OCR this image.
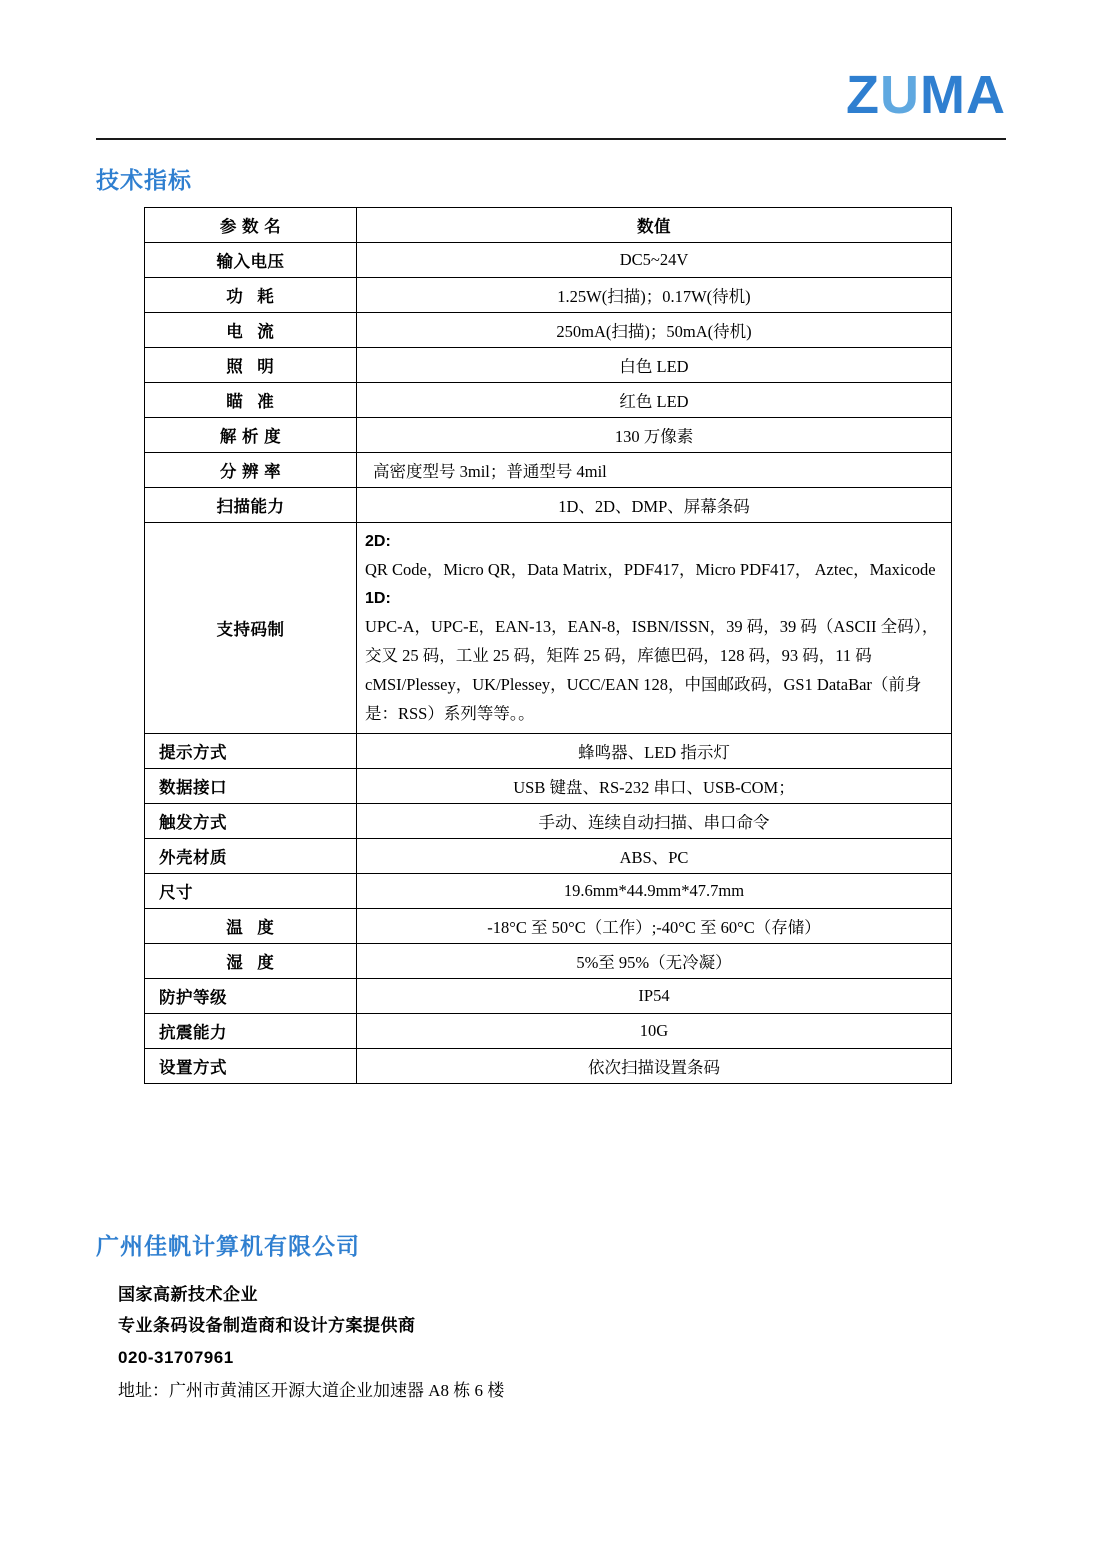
ZUMA
技术指标
参 数 名	数值
输入电压	DC5~24V
功 耗	1.25W(扫描)；0.17W(待机)
电 流	250mA(扫描)；50mA(待机)
照 明	白色 LED
瞄 准	红色 LED
解 析 度	130 万像素
分 辨 率	高密度型号 3mil；普通型号 4mil
扫描能力	1D、2D、DMP、屏幕条码
支持码制	2D:
QR Code，Micro QR，Data Matrix，PDF417，Micro PDF417， Aztec，Maxicode
1D:
UPC-A，UPC-E，EAN-13，EAN-8，ISBN/ISSN，39 码，39 码（ASCII 全码），交叉 25 码，工业 25 码，矩阵 25 码，库德巴码，128 码，93 码，11 码 cMSI/Plessey，UK/Plessey，UCC/EAN 128，中国邮政码，GS1 DataBar（前身是：RSS）系列等等。。

提示方式	蜂鸣器、LED 指示灯
数据接口	USB 键盘、RS-232 串口、USB-COM；
触发方式	手动、连续自动扫描、串口命令
外壳材质	ABS、PC
尺寸	19.6mm*44.9mm*47.7mm
温 度	-18°C 至 50°C（工作）;-40°C 至 60°C（存储）
湿 度	5%至 95%（无冷凝）
防护等级	IP54
抗震能力	10G
设置方式	依次扫描设置条码
广州佳帆计算机有限公司
国家高新技术企业
专业条码设备制造商和设计方案提供商
020-31707961
地址：广州市黄浦区开源大道企业加速器 A8 栋 6 楼
